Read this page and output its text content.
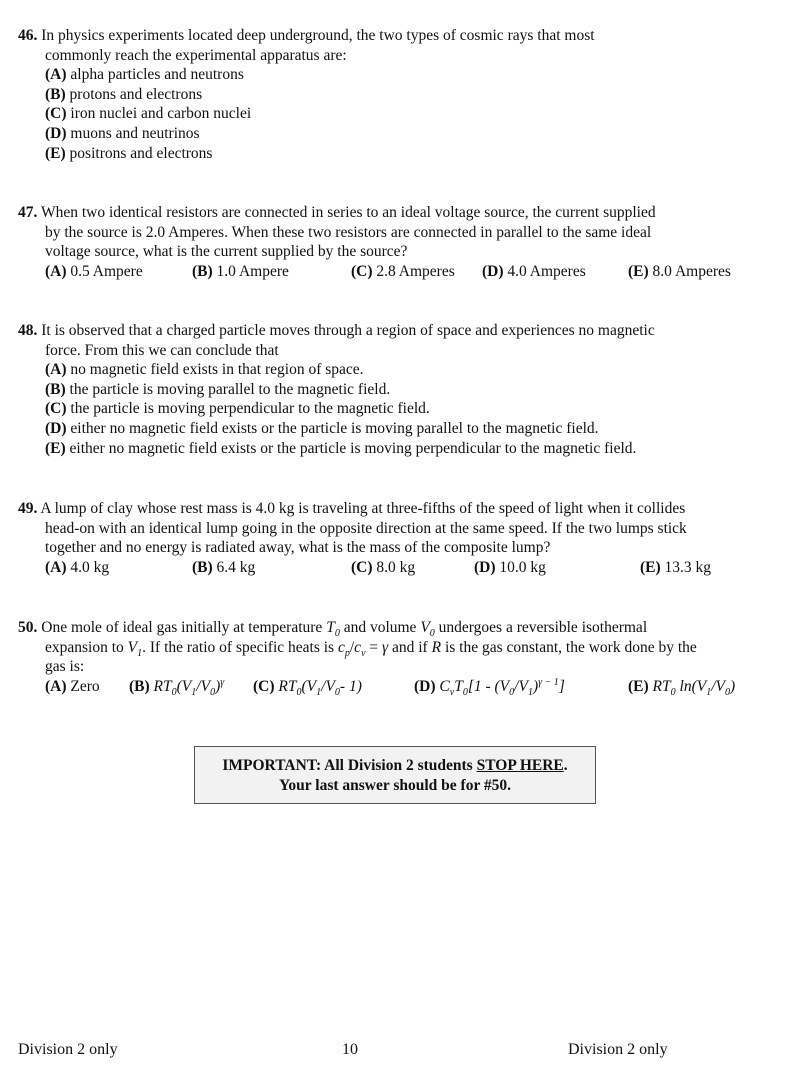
46. In physics experiments located deep underground, the two types of cosmic rays that most
commonly reach the experimental apparatus are:
(A) alpha particles and neutrons
(B) protons and electrons
(C) iron nuclei and carbon nuclei
(D) muons and neutrinos
(E) positrons and electrons
47. When two identical resistors are connected in series to an ideal voltage source, the current supplied
by the source is 2.0 Amperes. When these two resistors are connected in parallel to the same ideal
voltage source, what is the current supplied by the source?
(A) 0.5 Ampere	(B) 1.0 Ampere	(C) 2.8 Amperes (D) 4.0 Amperes	(E) 8.0 Amperes
48. It is observed that a charged particle moves through a region of space and experiences no magnetic
force. From this we can conclude that
(A) no magnetic field exists in that region of space.
(B) the particle is moving parallel to the magnetic field.
(C) the particle is moving perpendicular to the magnetic field.
(D) either no magnetic field exists or the particle is moving parallel to the magnetic field.
(E) either no magnetic field exists or the particle is moving perpendicular to the magnetic field.
49. A lump of clay whose rest mass is 4.0 kg is traveling at three-fifths of the speed of light when it collides
head-on with an identical lump going in the opposite direction at the same speed. If the two lumps stick
together and no energy is radiated away, what is the mass of the composite lump?
(A) 4.0 kg	(B) 6.4 kg	(C) 8.0 kg	(D) 10.0 kg	(E) 13.3 kg
50. One mole of ideal gas initially at temperature $T_0$ and volume $V_0$ undergoes a reversible isothermal
expansion to $V_1$. If the ratio of specific heats is $c_p/c_v = \gamma$ and if R is the gas constant, the work done by the
gas is:
(A) Zero (B) $RT_0(V_1/V_0)^\gamma$ (C) $RT_0(V_1/V_0-$ 1)	(D) $C_vT_0[1 - (V_0/V_1)^{\gamma - 1}]$	(E) $RT_0$ $\ln(V_1/V_0)$
IMPORTANT: All Division 2 students STOP HERE.
Your last answer should be for #50.
Division 2 only	10	Division 2 only
